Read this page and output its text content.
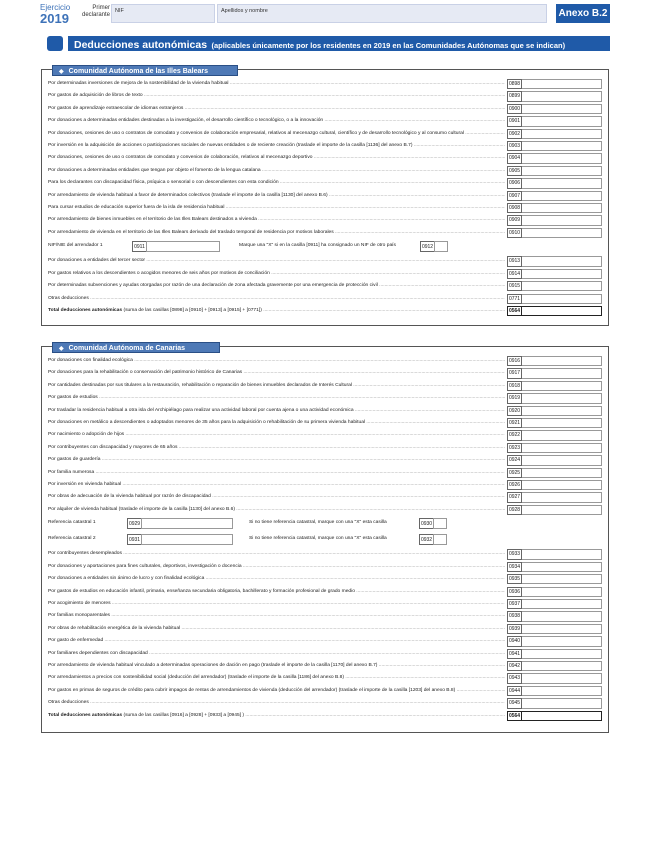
Ejercicio
2019
Primer declarante
NIF	Apellidos y nombre	Anexo B.2
Deducciones autonómicas (aplicables únicamente por los residentes en 2019 en las Comunidades Autónomas que se indican)
◆ Comunidad Autónoma de las Illes Balears
Por determinadas inversiones de mejora de la sostenibilidad de la vivienda habitual .....	0898
Por gastos de adquisición de libros de texto .....	0899
Por gastos de aprendizaje extraescolar de idiomas extranjeros .....	0900
Por donaciones a determinadas entidades destinadas a la investigación, el desarrollo científico o tecnológico, o a la innovación .....	0901
Por donaciones, cesiones de uso o contratos de comodato y convenios de colaboración empresarial, relativos al mecenazgo cultural, científico y de desarrollo tecnológico y al consumo cultural .....	0902
Por inversión en la adquisición de acciones o participaciones sociales de nuevas entidades o de reciente creación (traslade el importe de la casilla [1136] del anexo B.7) .....	0903
Por donaciones, cesiones de uso o contratos de comodato y convenios de colaboración, relativos al mecenazgo deportivo .....	0904
Por donaciones a determinadas entidades que tengan por objeto el fomento de la lengua catalana .....	0905
Para los declarantes con discapacidad física, psíquica o sensorial o con descendientes con esta condición .....	0906
Por arrendamiento de vivienda habitual a favor de determinados colectivos (traslade el importe de la casilla [1130] del anexo B.6) .....	0907
Para cursar estudios de educación superior fuera de la isla de residencia habitual .....	0908
Por arrendamiento de bienes inmuebles en el territorio de las Illes Balears destinados a vivienda .....	0909
Por arrendamiento de vivienda en el territorio de las Illes Balears derivado del traslado temporal de residencia por motivos laborales .....	0910
NIF/NIE del arrendador 1	0911	Marque una "X" si en la casilla [0911] ha consignado un NIF de otro país	0912
Por donaciones a entidades del tercer sector .....	0913
Por gastos relativos a los descendientes o acogidos menores de seis años por motivos de conciliación .....	0914
Por determinadas subvenciones y ayudas otorgadas por razón de una declaración de zona afectada gravemente por una emergencia de protección civil .....	0915
Otras deducciones .....	0771
Total deducciones autonómicas (suma de las casillas [0898] a [0910] + [0913] a [0915] + [0771]) .....	0564
◆ Comunidad Autónoma de Canarias
Por donaciones con finalidad ecológica .....	0916
Por donaciones para la rehabilitación o conservación del patrimonio histórico de Canarias .....	0917
Por cantidades destinadas por sus titulares a la restauración, rehabilitación o reparación de bienes inmuebles declarados de Interés Cultural .....	0918
Por gastos de estudios .....	0919
Por trasladar la residencia habitual a otra isla del Archipiélago para realizar una actividad laboral por cuenta ajena o una actividad económica .....	0920
Por donaciones en metálico a descendientes o adoptados menores de 35 años para la adquisición o rehabilitación de su primera vivienda habitual .....	0921
Por nacimiento o adopción de hijos .....	0922
Por contribuyentes con discapacidad y mayores de 65 años .....	0923
Por gastos de guardería .....	0924
Por familia numerosa .....	0925
Por inversión en vivienda habitual .....	0926
Por obras de adecuación de la vivienda habitual por razón de discapacidad .....	0927
Por alquiler de vivienda habitual (traslade el importe de la casilla [1130] del anexo B.6) .....	0928
Referencia catastral 1	0929	Si no tiene referencia catastral, marque con una "X" esta casilla	0930
Referencia catastral 2	0931	Si no tiene referencia catastral, marque con una "X" esta casilla	0932
Por contribuyentes desempleados .....	0933
Por donaciones y aportaciones para fines culturales, deportivos, investigación o docencia .....	0934
Por donaciones a entidades sin ánimo de lucro y con finalidad ecológica .....	0935
Por gastos de estudios en educación infantil, primaria, enseñanza secundaria obligatoria, bachillerato y formación profesional de grado medio .....	0936
Por acogimiento de menores .....	0937
Por familias monoparentales .....	0938
Por obras de rehabilitación energética de la vivienda habitual .....	0939
Por gasto de enfermedad .....	0940
Por familiares dependientes con discapacidad .....	0941
Por arrendamiento de vivienda habitual vinculado a determinadas operaciones de dación en pago (traslade el importe de la casilla [1170] del anexo B.7) .....	0942
Por arrendamientos a precios con sostenibilidad social (deducción del arrendador) (traslade el importe de la casilla [1186] del anexo B.8) .....	0943
Por gastos en primas de seguros de crédito para cubrir impagos de rentas de arrendamientos de vivienda (deducción del arrendador) (traslade el importe de la casilla [1203] del anexo B.8) .....	0944
Otras deducciones .....	0945
Total deducciones autonómicas (suma de las casillas [0916] a [0928] + [0933] a [0945] ) .....	0564
